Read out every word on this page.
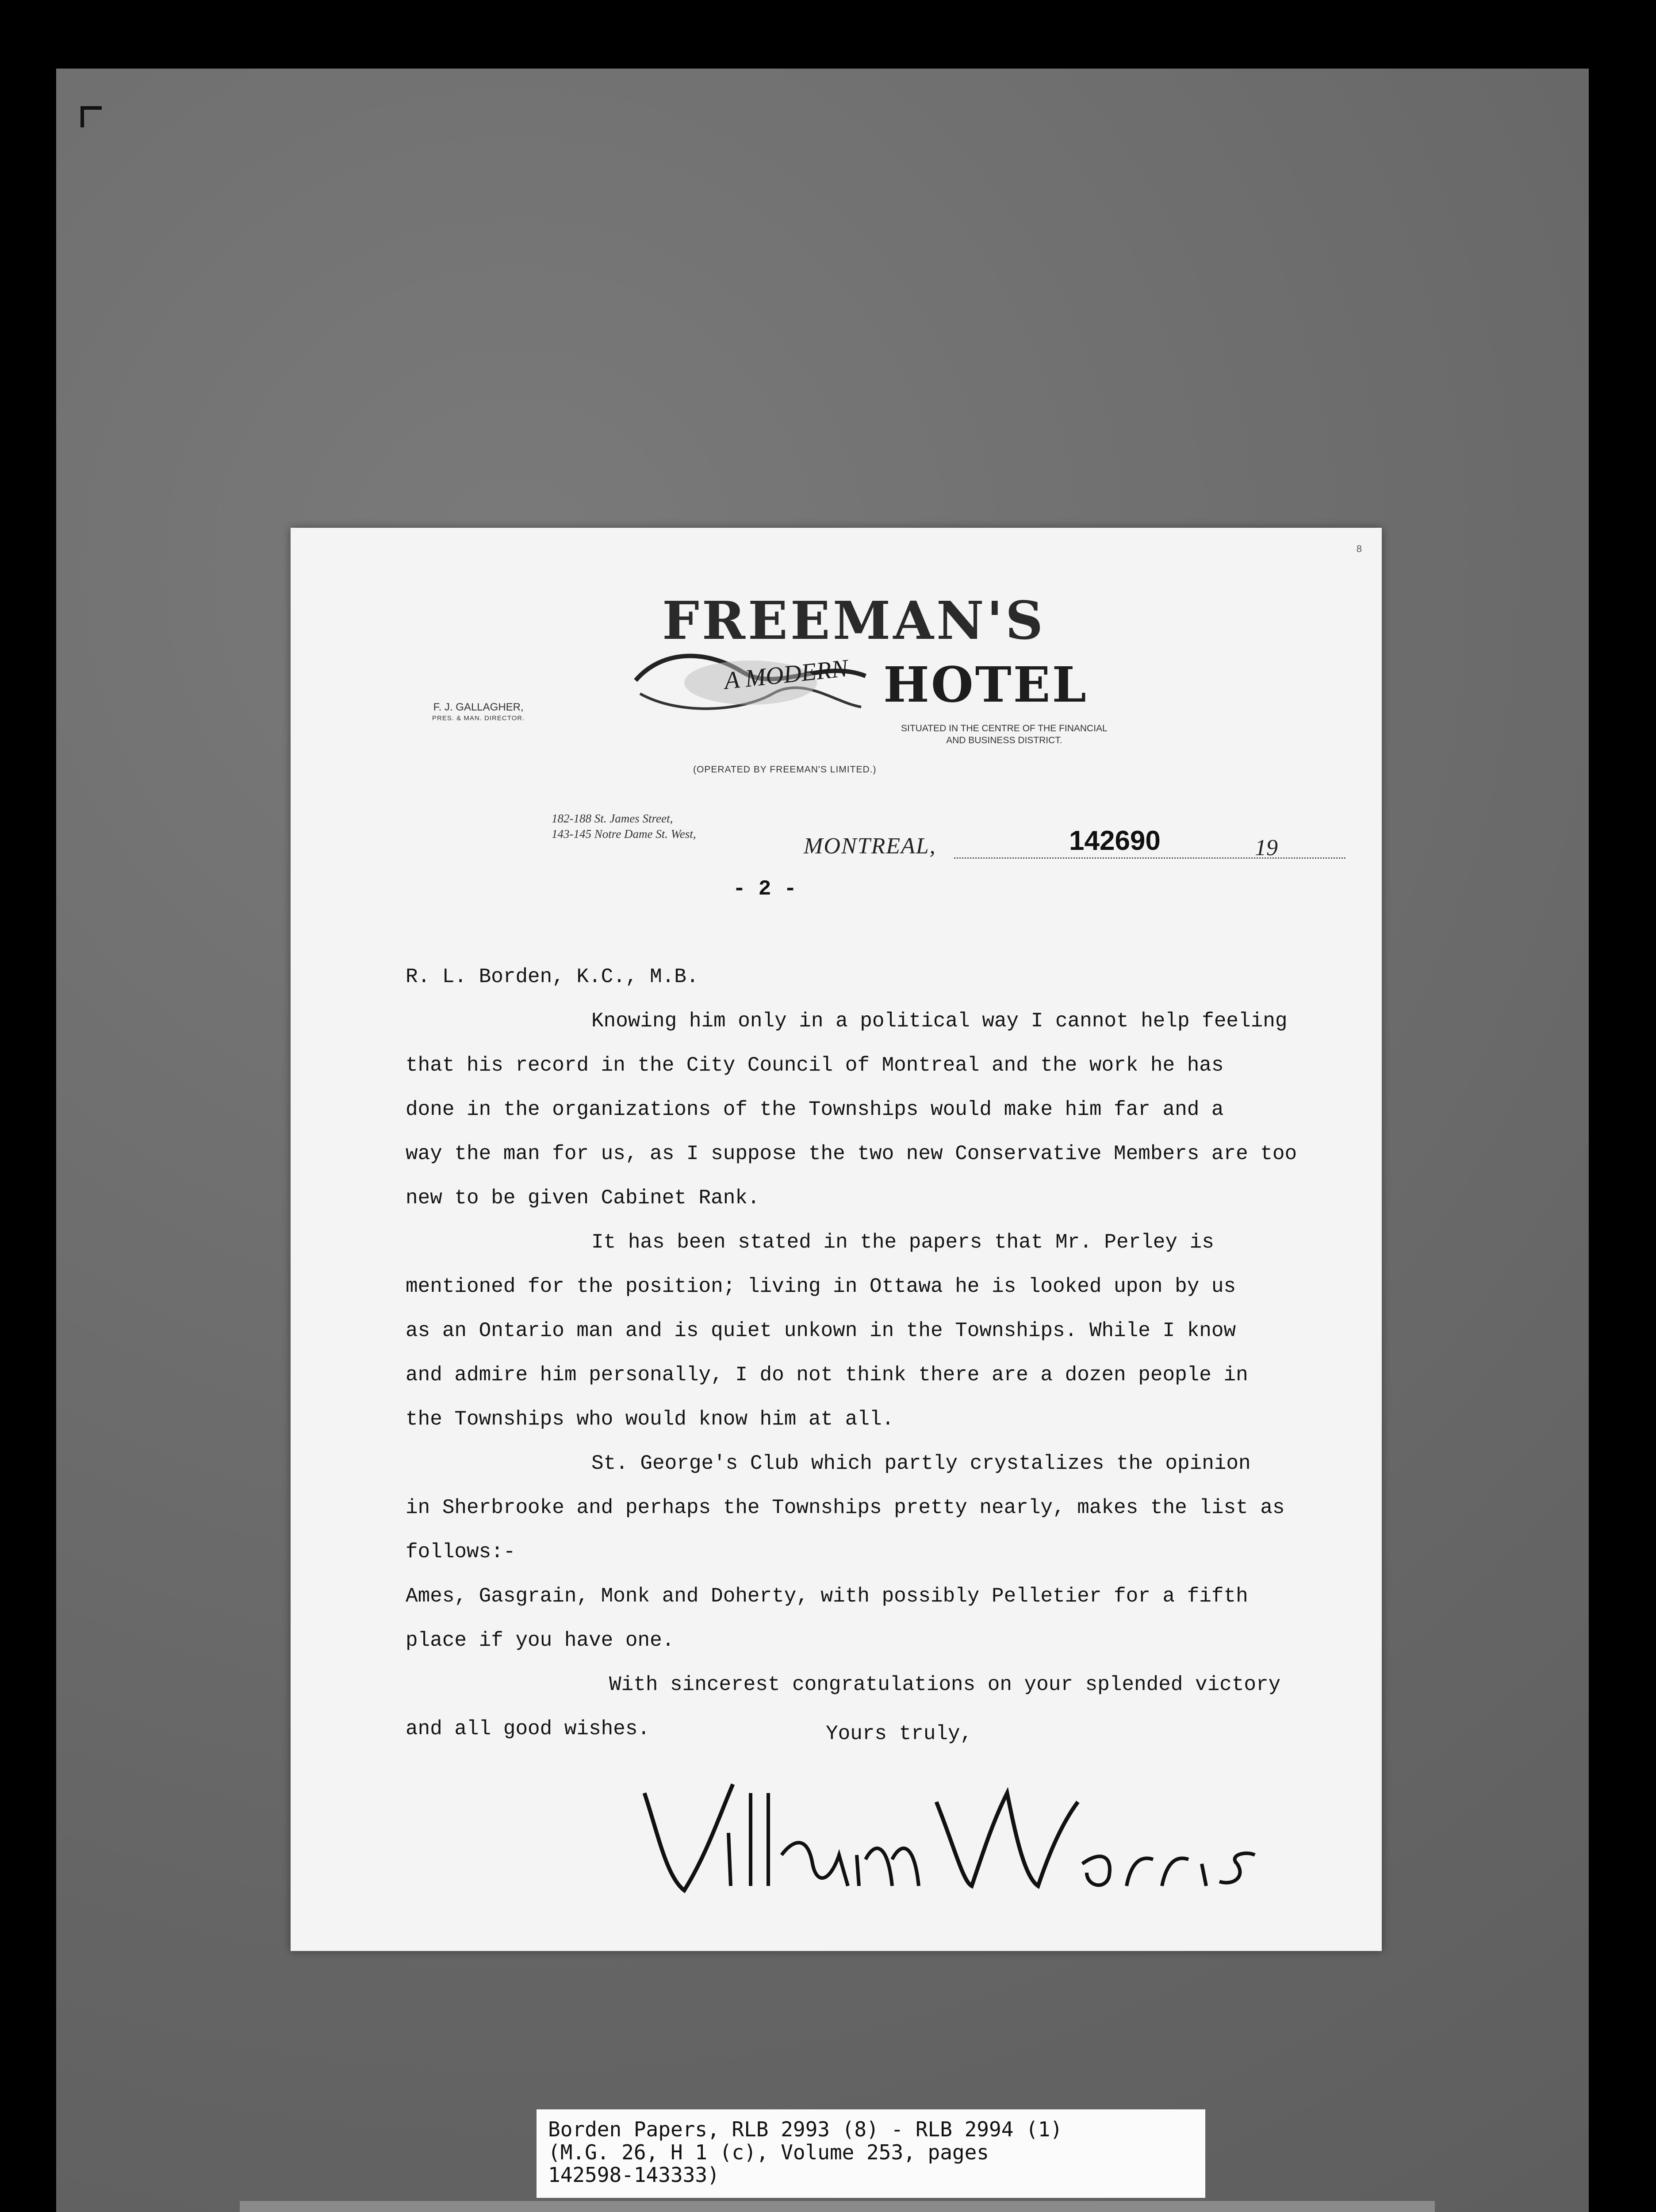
8
FREEMAN'S
A MODERN HOTEL
F. J. GALLAGHER,
PRES. & MAN. DIRECTOR.
SITUATED IN THE CENTRE OF THE FINANCIAL
AND BUSINESS DISTRICT.
(OPERATED BY FREEMAN'S LIMITED.)
182-188 St. James Street,
143-145 Notre Dame St. West,	MONTREAL,	142690	19
- 2 -

R. L. Borden, K.C., M.B.

Knowing him only in a political way I cannot help feeling

that his record in the City Council of Montreal and the work he has

done in the organizations of the Townships would make him far and a

way the man for us, as I suppose the two new Conservative Members are too

new to be given Cabinet Rank.

It has been stated in the papers that Mr. Perley is

mentioned for the position; living in Ottawa he is looked upon by us

as an Ontario man and is quiet unkown in the Townships. While I know

and admire him personally, I do not think there are a dozen people in

the Townships who would know him at all.

St. George's Club which partly crystalizes the opinion

in Sherbrooke and perhaps the Townships pretty nearly, makes the list as follows:-

Ames, Gasgrain, Monk and Doherty, with possibly Pelletier for a fifth

place if you have one.

With sincerest congratulations on your splended victory

and all good wishes.	Yours truly,
Borden Papers, RLB 2993 (8) - RLB 2994 (1)
(M.G. 26, H 1 (c), Volume 253, pages
142598-143333)
